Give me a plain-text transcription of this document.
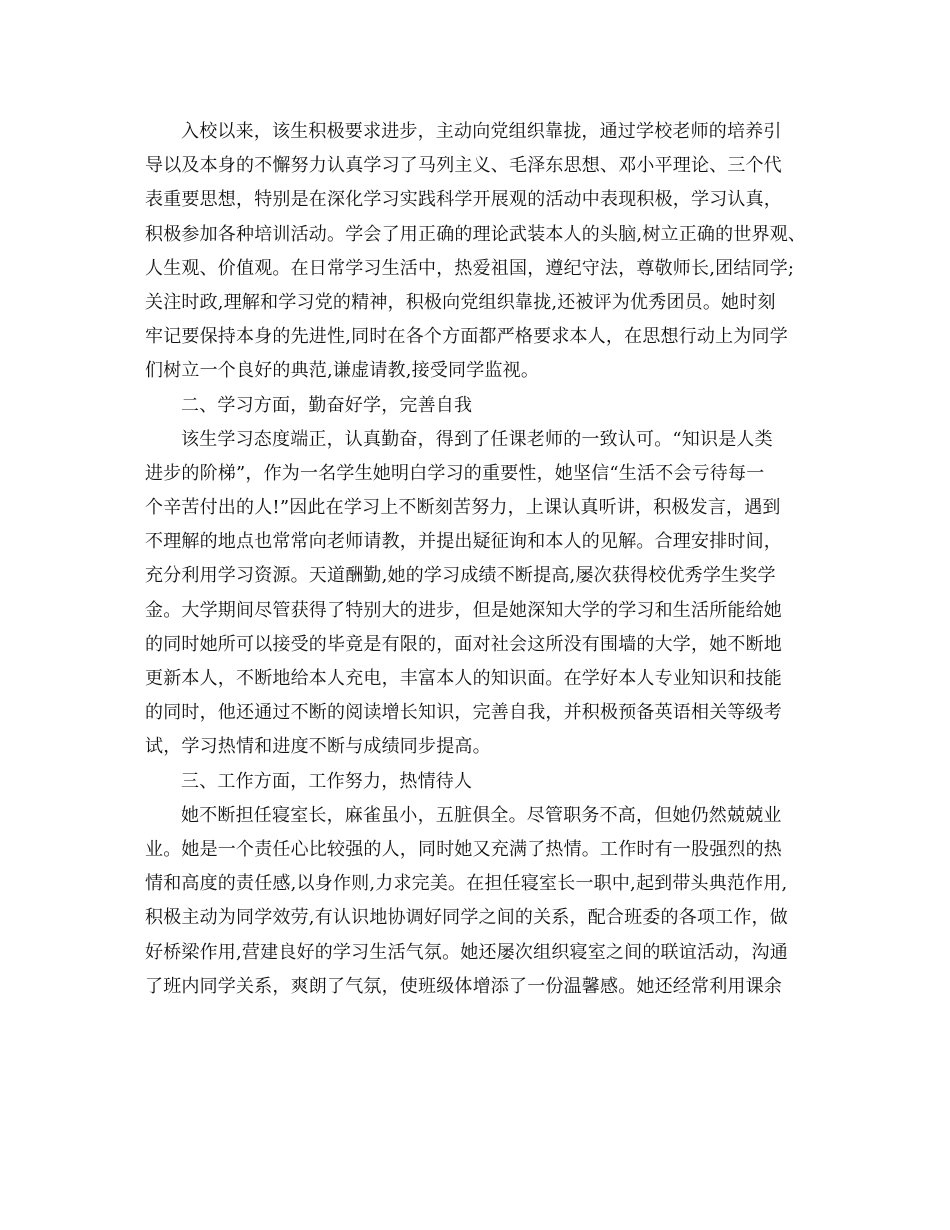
入校以来，该生积极要求进步，主动向党组织靠拢，通过学校老师的培养引
导以及本身的不懈努力认真学习了马列主义、毛泽东思想、邓小平理论、三个代
表重要思想，特别是在深化学习实践科学开展观的活动中表现积极，学习认真，
积极参加各种培训活动。学会了用正确的理论武装本人的头脑,树立正确的世界观、
人生观、价值观。在日常学习生活中，热爱祖国，遵纪守法，尊敬师长,团结同学;
关注时政,理解和学习党的精神，积极向党组织靠拢,还被评为优秀团员。她时刻
牢记要保持本身的先进性,同时在各个方面都严格要求本人，在思想行动上为同学
们树立一个良好的典范,谦虚请教,接受同学监视。
二、学习方面，勤奋好学，完善自我
该生学习态度端正，认真勤奋，得到了任课老师的一致认可。“知识是人类
进步的阶梯”，作为一名学生她明白学习的重要性，她坚信“生活不会亏待每一
个辛苦付出的人!”因此在学习上不断刻苦努力，上课认真听讲，积极发言，遇到
不理解的地点也常常向老师请教，并提出疑征询和本人的见解。合理安排时间，
充分利用学习资源。天道酬勤,她的学习成绩不断提高,屡次获得校优秀学生奖学
金。大学期间尽管获得了特别大的进步，但是她深知大学的学习和生活所能给她
的同时她所可以接受的毕竟是有限的，面对社会这所没有围墙的大学，她不断地
更新本人，不断地给本人充电，丰富本人的知识面。在学好本人专业知识和技能
的同时，他还通过不断的阅读增长知识，完善自我，并积极预备英语相关等级考
试，学习热情和进度不断与成绩同步提高。
三、工作方面，工作努力，热情待人
她不断担任寝室长，麻雀虽小，五脏俱全。尽管职务不高，但她仍然兢兢业
业。她是一个责任心比较强的人，同时她又充满了热情。工作时有一股强烈的热
情和高度的责任感,以身作则,力求完美。在担任寝室长一职中,起到带头典范作用,
积极主动为同学效劳,有认识地协调好同学之间的关系，配合班委的各项工作，做
好桥梁作用,营建良好的学习生活气氛。她还屡次组织寝室之间的联谊活动，沟通
了班内同学关系，爽朗了气氛，使班级体增添了一份温馨感。她还经常利用课余
